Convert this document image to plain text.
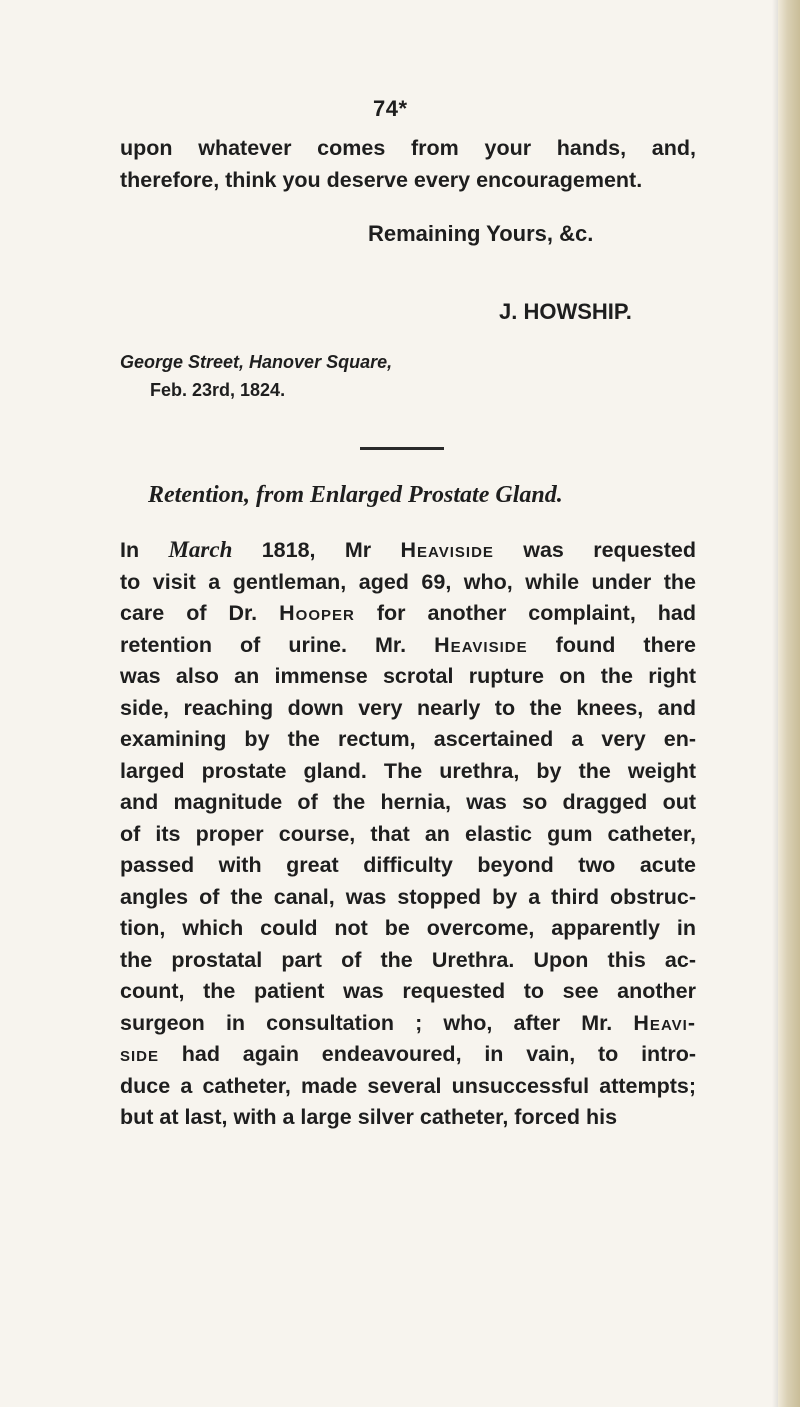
74*
upon whatever comes from your hands, and,
therefore, think you deserve every encouragement.
Remaining Yours, &c.
J. HOWSHIP.
George Street, Hanover Square,
Feb. 23rd, 1824.
Retention, from Enlarged Prostate Gland.
In March 1818, Mr Heaviside was requested
to visit a gentleman, aged 69, who, while under the
care of Dr. Hooper for another complaint, had
retention of urine. Mr. Heaviside found there
was also an immense scrotal rupture on the right
side, reaching down very nearly to the knees, and
examining by the rectum, ascertained a very en-
larged prostate gland. The urethra, by the weight
and magnitude of the hernia, was so dragged out
of its proper course, that an elastic gum catheter,
passed with great difficulty beyond two acute
angles of the canal, was stopped by a third obstruc-
tion, which could not be overcome, apparently in
the prostatal part of the Urethra. Upon this ac-
count, the patient was requested to see another
surgeon in consultation ; who, after Mr. Heavi-
side had again endeavoured, in vain, to intro-
duce a catheter, made several unsuccessful attempts;
but at last, with a large silver catheter, forced his
